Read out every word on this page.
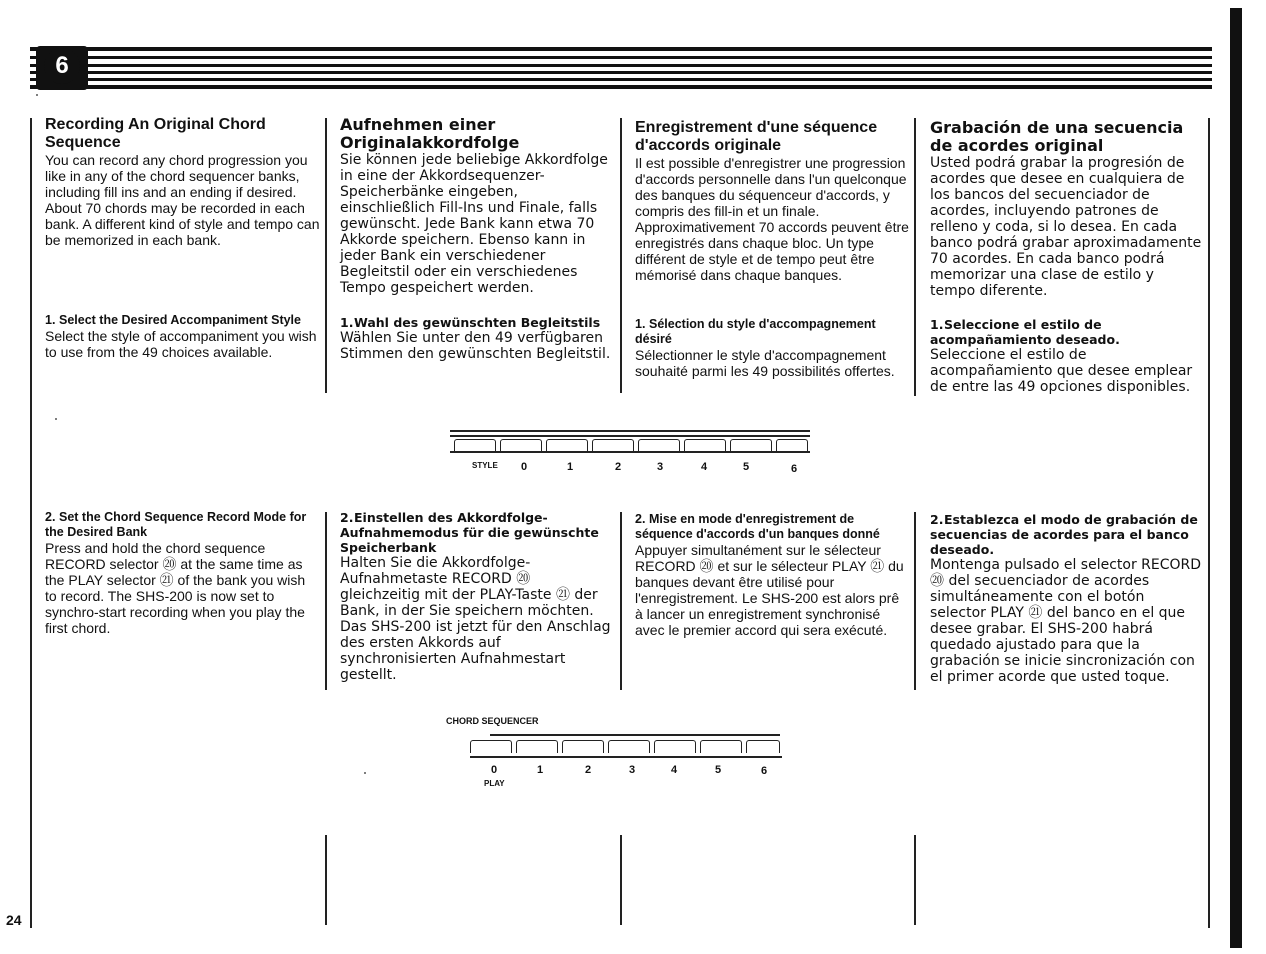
6
Recording An Original Chord Sequence

You can record any chord progression you like in any of the chord sequencer banks, including fill ins and an ending if desired. About 70 chords may be recorded in each bank. A different kind of style and tempo can be memorized in each bank.

1. Select the Desired Accompaniment Style

Select the style of accompaniment you wish to use from the 49 choices available.

2. Set the Chord Sequence Record Mode for the Desired Bank

Press and hold the chord sequence RECORD selector ⑳ at the same time as the PLAY selector ㉑ of the bank you wish to record. The SHS-200 is now set to synchro-start recording when you play the first chord.

Aufnehmen einer Originalakkordfolge

Sie können jede beliebige Akkordfolge in eine der Akkordsequenzer-Speicherbänke eingeben, einschließlich Fill-Ins und Finale, falls gewünscht. Jede Bank kann etwa 70 Akkorde speichern. Ebenso kann in jeder Bank ein verschiedener Begleitstil oder ein verschiedenes Tempo gespeichert werden.

1.Wahl des gewünschten Begleitstils

Wählen Sie unter den 49 verfügbaren Stimmen den gewünschten Begleitstil.

2.Einstellen des Akkordfolge-Aufnahmemodus für die gewünschte Speicherbank

Halten Sie die Akkordfolge-Aufnahmetaste RECORD ⑳ gleichzeitig mit der PLAY-Taste ㉑ der Bank, in der Sie speichern möchten. Das SHS-200 ist jetzt für den Anschlag des ersten Akkords auf synchronisierten Aufnahmestart gestellt.

Enregistrement d'une séquence d'accords originale

Il est possible d'enregistrer une progression d'accords personnelle dans l'un quelconque des banques du séquenceur d'accords, y compris des fill-in et un finale. Approximativement 70 accords peuvent être enregistrés dans chaque bloc. Un type différent de style et de tempo peut être mémorisé dans chaque banques.

1. Sélection du style d'accompagnement désiré

Sélectionner le style d'accompagnement souhaité parmi les 49 possibilités offertes.

2. Mise en mode d'enregistrement de séquence d'accords d'un banques donné

Appuyer simultanément sur le sélecteur RECORD ⑳ et sur le sélecteur PLAY ㉑ du banques devant être utilisé pour l'enregistrement. Le SHS-200 est alors prê à lancer un enregistrement synchronisé avec le premier accord qui sera exécuté.

Grabación de una secuencia de acordes original

Usted podrá grabar la progresión de acordes que desee en cualquiera de los bancos del secuenciador de acordes, incluyendo patrones de relleno y coda, si lo desea. En cada banco podrá grabar aproximadamente 70 acordes. En cada banco podrá memorizar una clase de estilo y tempo diferente.

1.Seleccione el estilo de acompañamiento deseado.

Seleccione el estilo de acompañamiento que desee emplear de entre las 49 opciones disponibles.

2.Establezca el modo de grabación de secuencias de acordes para el banco deseado.

Montenga pulsado el selector RECORD ⑳ del secuenciador de acordes simultáneamente con el botón selector PLAY ㉑ del banco en el que desee grabar. El SHS-200 habrá quedado ajustado para que la grabación se inicie sincronización con el primer acorde que usted toque.

STYLE	0	1	2	3	4	5	6
CHORD SEQUENCER
0	1	2	3	4	5	6
PLAY
24
